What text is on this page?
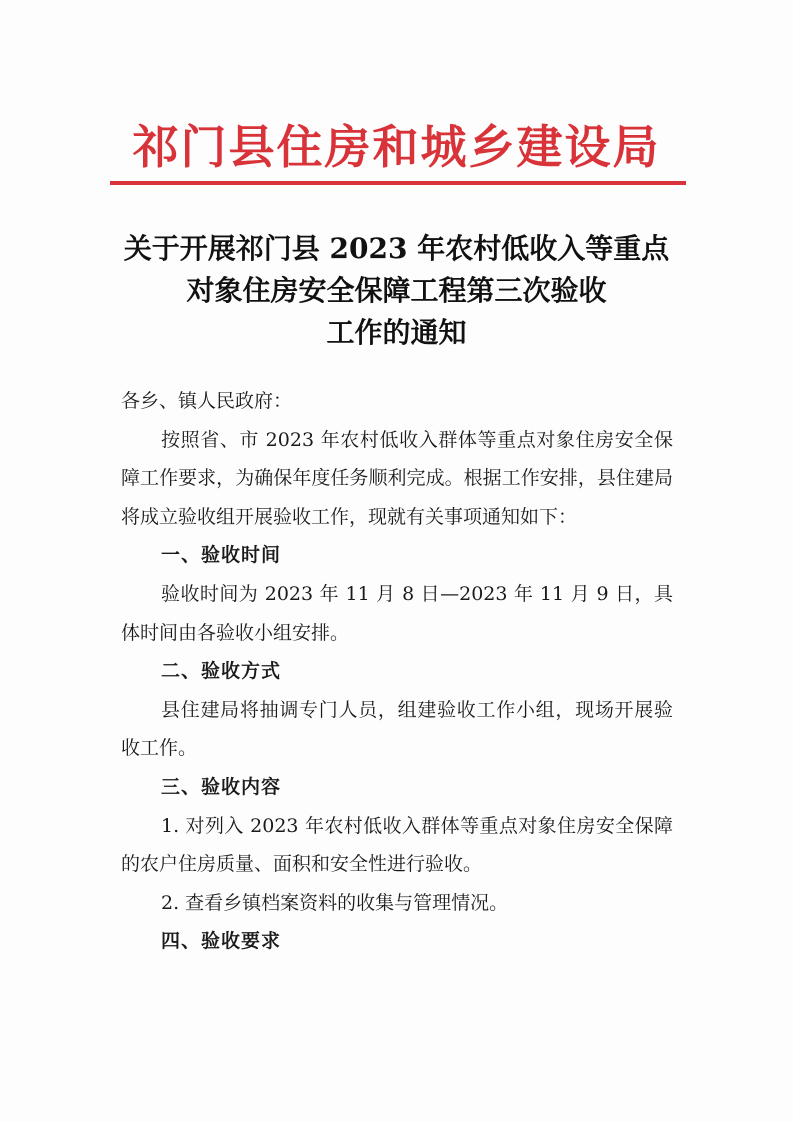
祁门县住房和城乡建设局
关于开展祁门县 2023 年农村低收入等重点
对象住房安全保障工程第三次验收
工作的通知

各乡、镇人民政府：

按照省、市 2023 年农村低收入群体等重点对象住房安全保障工作要求，为确保年度任务顺利完成。根据工作安排，县住建局将成立验收组开展验收工作，现就有关事项通知如下：

一、验收时间

验收时间为 2023 年 11 月 8 日—2023 年 11 月 9 日，具体时间由各验收小组安排。

二、验收方式

县住建局将抽调专门人员，组建验收工作小组，现场开展验收工作。

三、验收内容

1. 对列入 2023 年农村低收入群体等重点对象住房安全保障的农户住房质量、面积和安全性进行验收。

2. 查看乡镇档案资料的收集与管理情况。

四、验收要求
